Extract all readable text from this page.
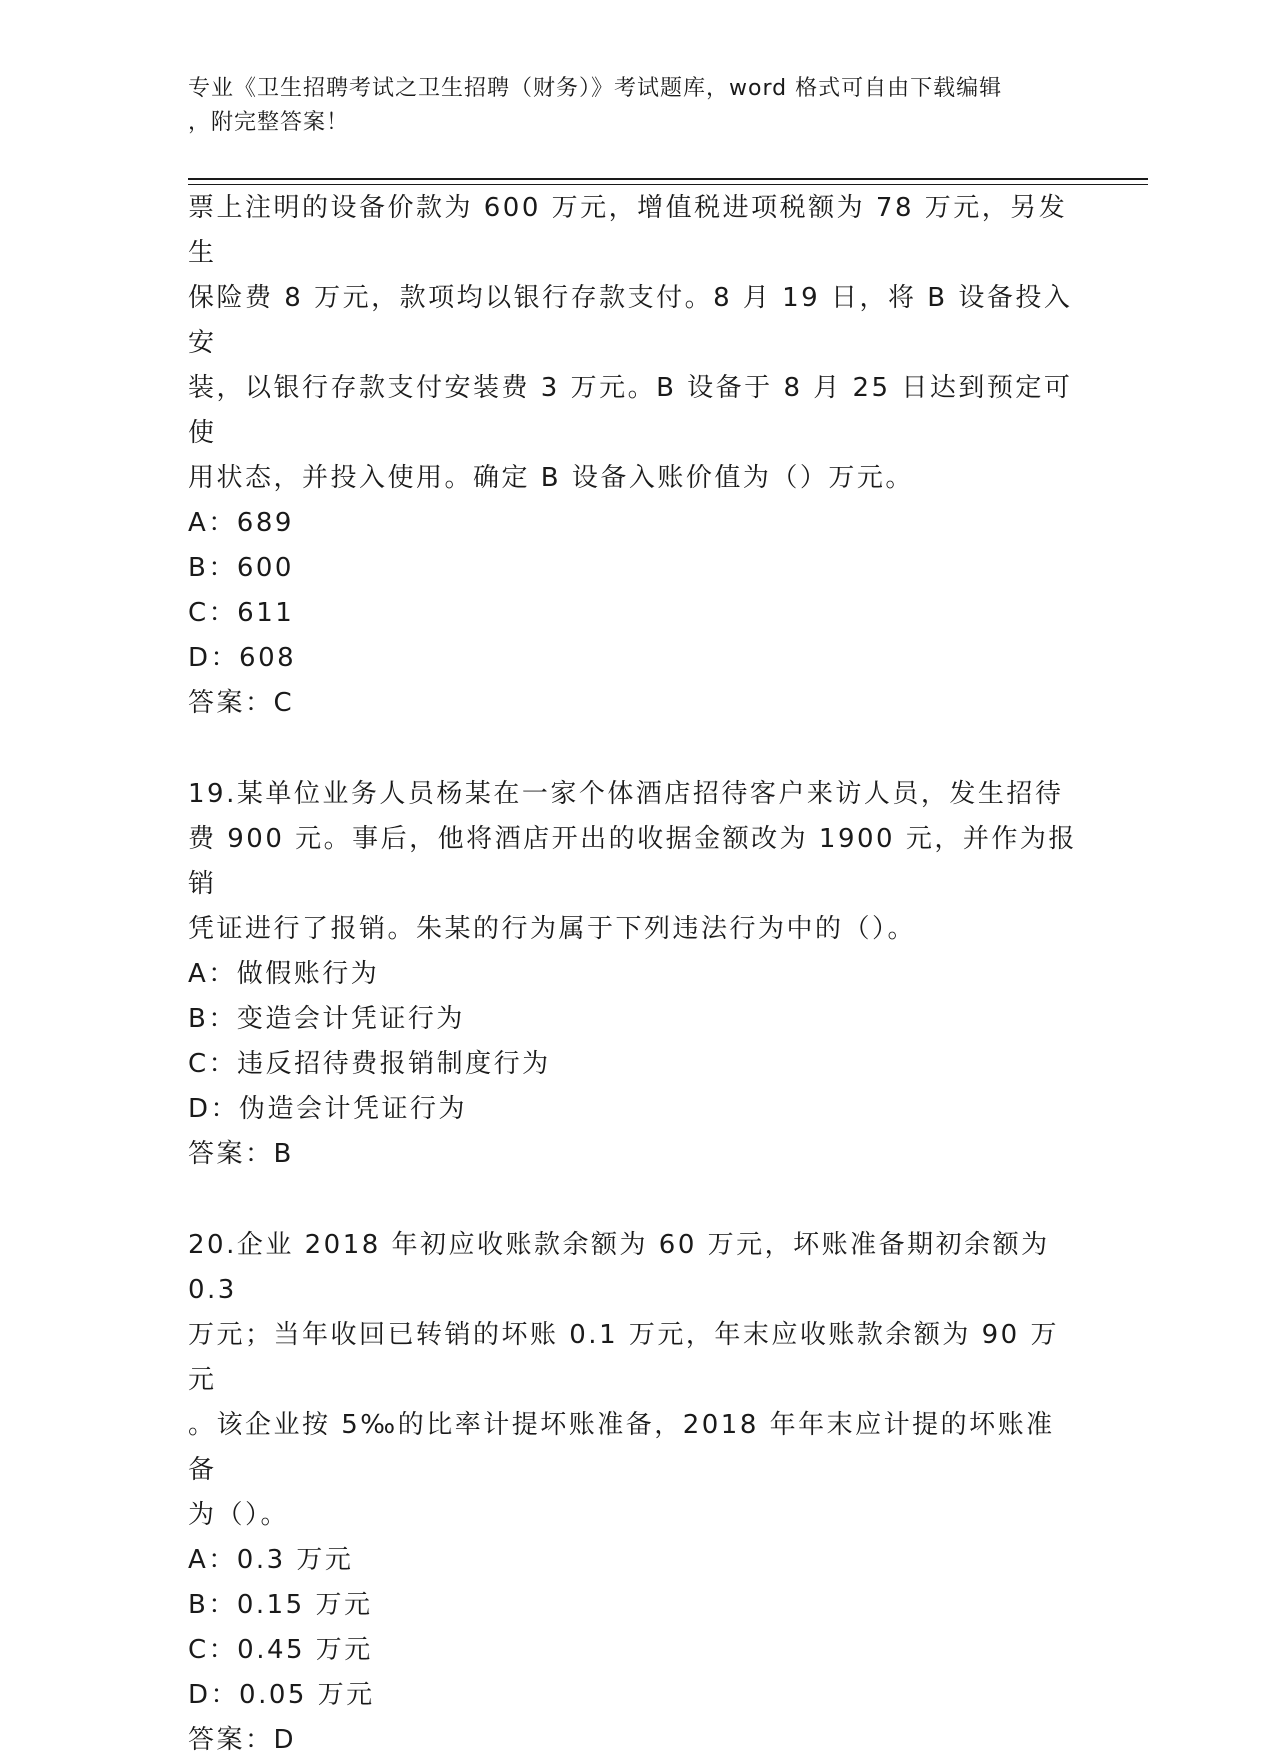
专业《卫生招聘考试之卫生招聘（财务）》考试题库，word 格式可自由下载编辑
，附完整答案！

票上注明的设备价款为 600 万元，增值税进项税额为 78 万元，另发生

保险费 8 万元，款项均以银行存款支付。8 月 19 日，将 B 设备投入安

装，以银行存款支付安装费 3 万元。B 设备于 8 月 25 日达到预定可使

用状态，并投入使用。确定 B 设备入账价值为（）万元。

A：689

B：600

C：611

D：608

答案：C

19.某单位业务人员杨某在一家个体酒店招待客户来访人员，发生招待

费 900 元。事后，他将酒店开出的收据金额改为 1900 元，并作为报销

凭证进行了报销。朱某的行为属于下列违法行为中的（）。

A：做假账行为

B：变造会计凭证行为

C：违反招待费报销制度行为

D：伪造会计凭证行为

答案：B

20.企业 2018 年初应收账款余额为 60 万元，坏账准备期初余额为 0.3

万元；当年收回已转销的坏账 0.1 万元，年末应收账款余额为 90 万元

。该企业按 5‰的比率计提坏账准备，2018 年年末应计提的坏账准备

为（）。

A：0.3 万元

B：0.15 万元

C：0.45 万元

D：0.05 万元

答案：D
